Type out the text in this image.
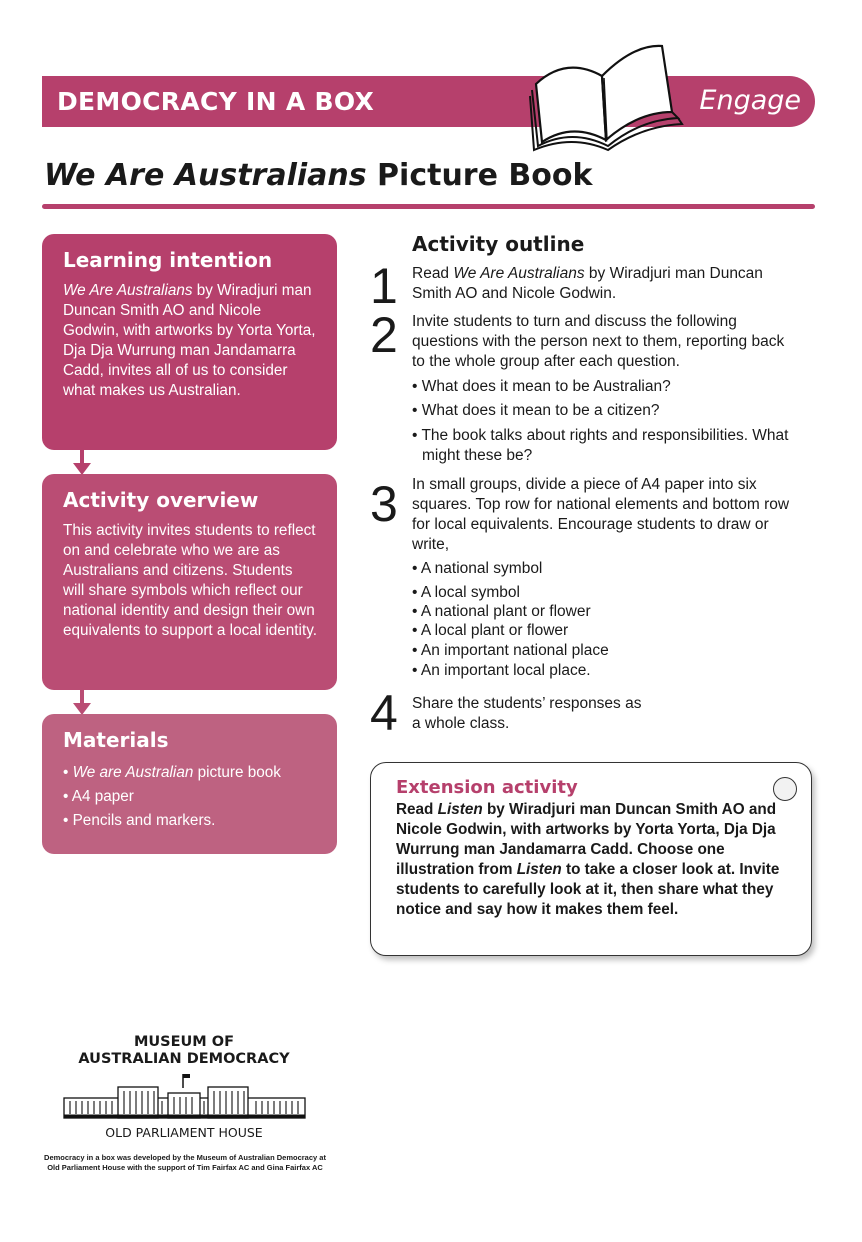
DEMOCRACY IN A BOX	Engage
We Are Australians Picture Book
Learning intention

We Are Australians by Wiradjuri man Duncan Smith AO and Nicole Godwin, with artworks by Yorta Yorta, Dja Dja Wurrung man Jandamarra Cadd, invites all of us to consider what makes us Australian.

Activity overview

This activity invites students to reflect on and celebrate who we are as Australians and citizens. Students will share symbols which reflect our national identity and design their own equivalents to support a local identity.

Materials
• We are Australian picture book
• A4 paper
• Pencils and markers.
Activity outline
1 Read We Are Australians by Wiradjuri man Duncan Smith AO and Nicole Godwin.

2 Invite students to turn and discuss the following questions with the person next to them, reporting back to the whole group after each question.

• What does it mean to be Australian?
• What does it mean to be a citizen?
• The book talks about rights and responsibilities. What might these be?
3 In small groups, divide a piece of A4 paper into six squares. Top row for national elements and bottom row for local equivalents. Encourage students to draw or write,

• A national symbol
• A local symbol
• A national plant or flower
• A local plant or flower
• An important national place
• An important local place.
4 Share the students’ responses as a whole class.

Extension activity

Read Listen by Wiradjuri man Duncan Smith AO and Nicole Godwin, with artworks by Yorta Yorta, Dja Dja Wurrung man Jandamarra Cadd. Choose one illustration from Listen to take a closer look at. Invite students to carefully look at it, then share what they notice and say how it makes them feel.

MUSEUM OF
AUSTRALIAN DEMOCRACY
OLD PARLIAMENT HOUSE
Democracy in a box was developed by the Museum of Australian Democracy at
Old Parliament House with the support of Tim Fairfax AC and Gina Fairfax AC
